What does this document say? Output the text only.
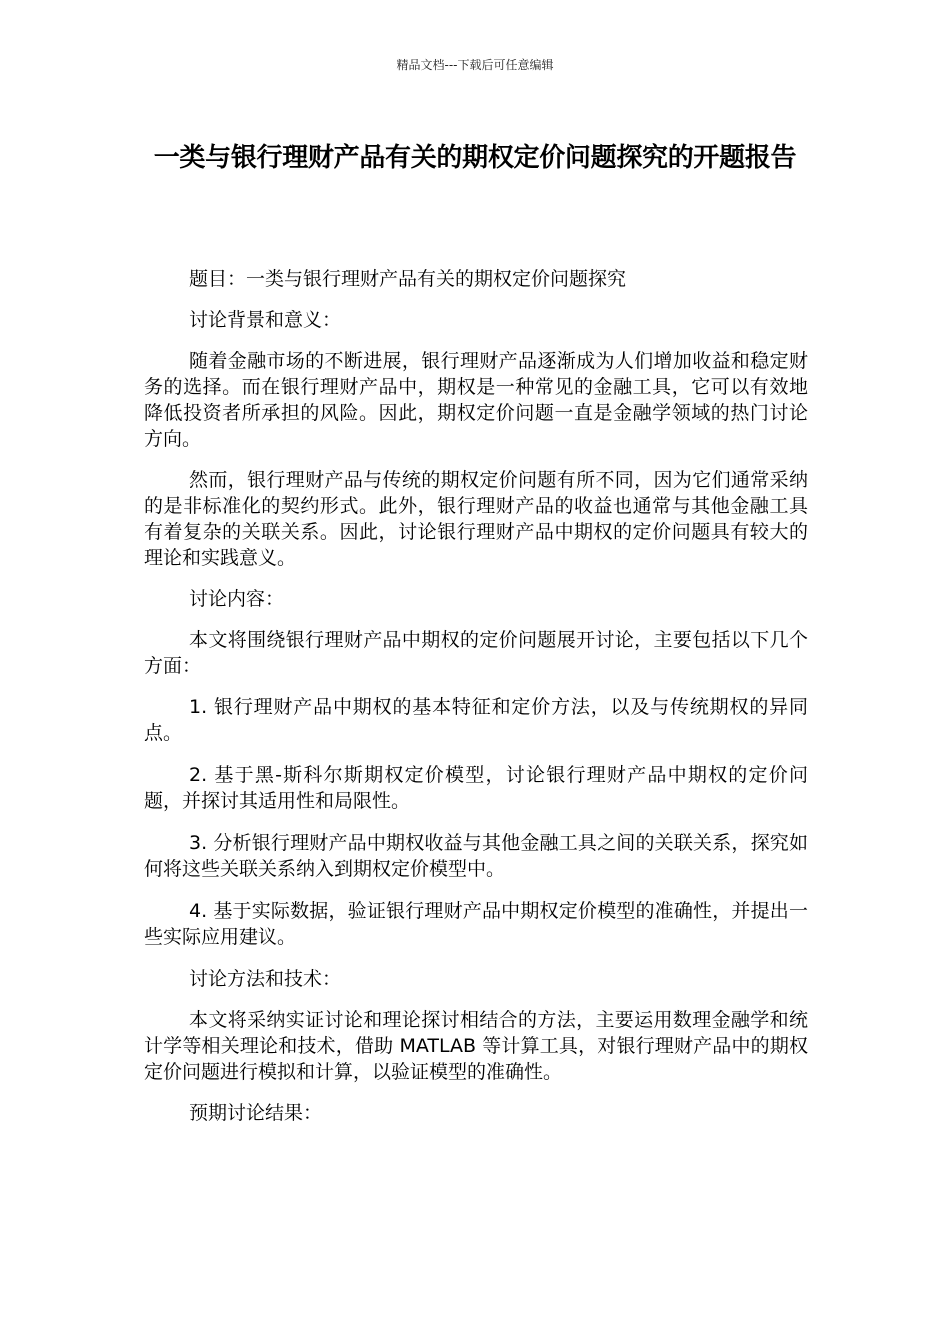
精品文档---下载后可任意编辑
一类与银行理财产品有关的期权定价问题探究的开题报告

题目：一类与银行理财产品有关的期权定价问题探究

讨论背景和意义：

随着金融市场的不断进展，银行理财产品逐渐成为人们增加收益和稳定财务的选择。而在银行理财产品中，期权是一种常见的金融工具，它可以有效地降低投资者所承担的风险。因此，期权定价问题一直是金融学领域的热门讨论方向。

然而，银行理财产品与传统的期权定价问题有所不同，因为它们通常采纳的是非标准化的契约形式。此外，银行理财产品的收益也通常与其他金融工具有着复杂的关联关系。因此，讨论银行理财产品中期权的定价问题具有较大的理论和实践意义。

讨论内容：

本文将围绕银行理财产品中期权的定价问题展开讨论，主要包括以下几个方面：

1. 银行理财产品中期权的基本特征和定价方法，以及与传统期权的异同点。

2. 基于黑-斯科尔斯期权定价模型，讨论银行理财产品中期权的定价问题，并探讨其适用性和局限性。

3. 分析银行理财产品中期权收益与其他金融工具之间的关联关系，探究如何将这些关联关系纳入到期权定价模型中。

4. 基于实际数据，验证银行理财产品中期权定价模型的准确性，并提出一些实际应用建议。

讨论方法和技术：

本文将采纳实证讨论和理论探讨相结合的方法，主要运用数理金融学和统计学等相关理论和技术，借助 MATLAB 等计算工具，对银行理财产品中的期权定价问题进行模拟和计算，以验证模型的准确性。

预期讨论结果：
